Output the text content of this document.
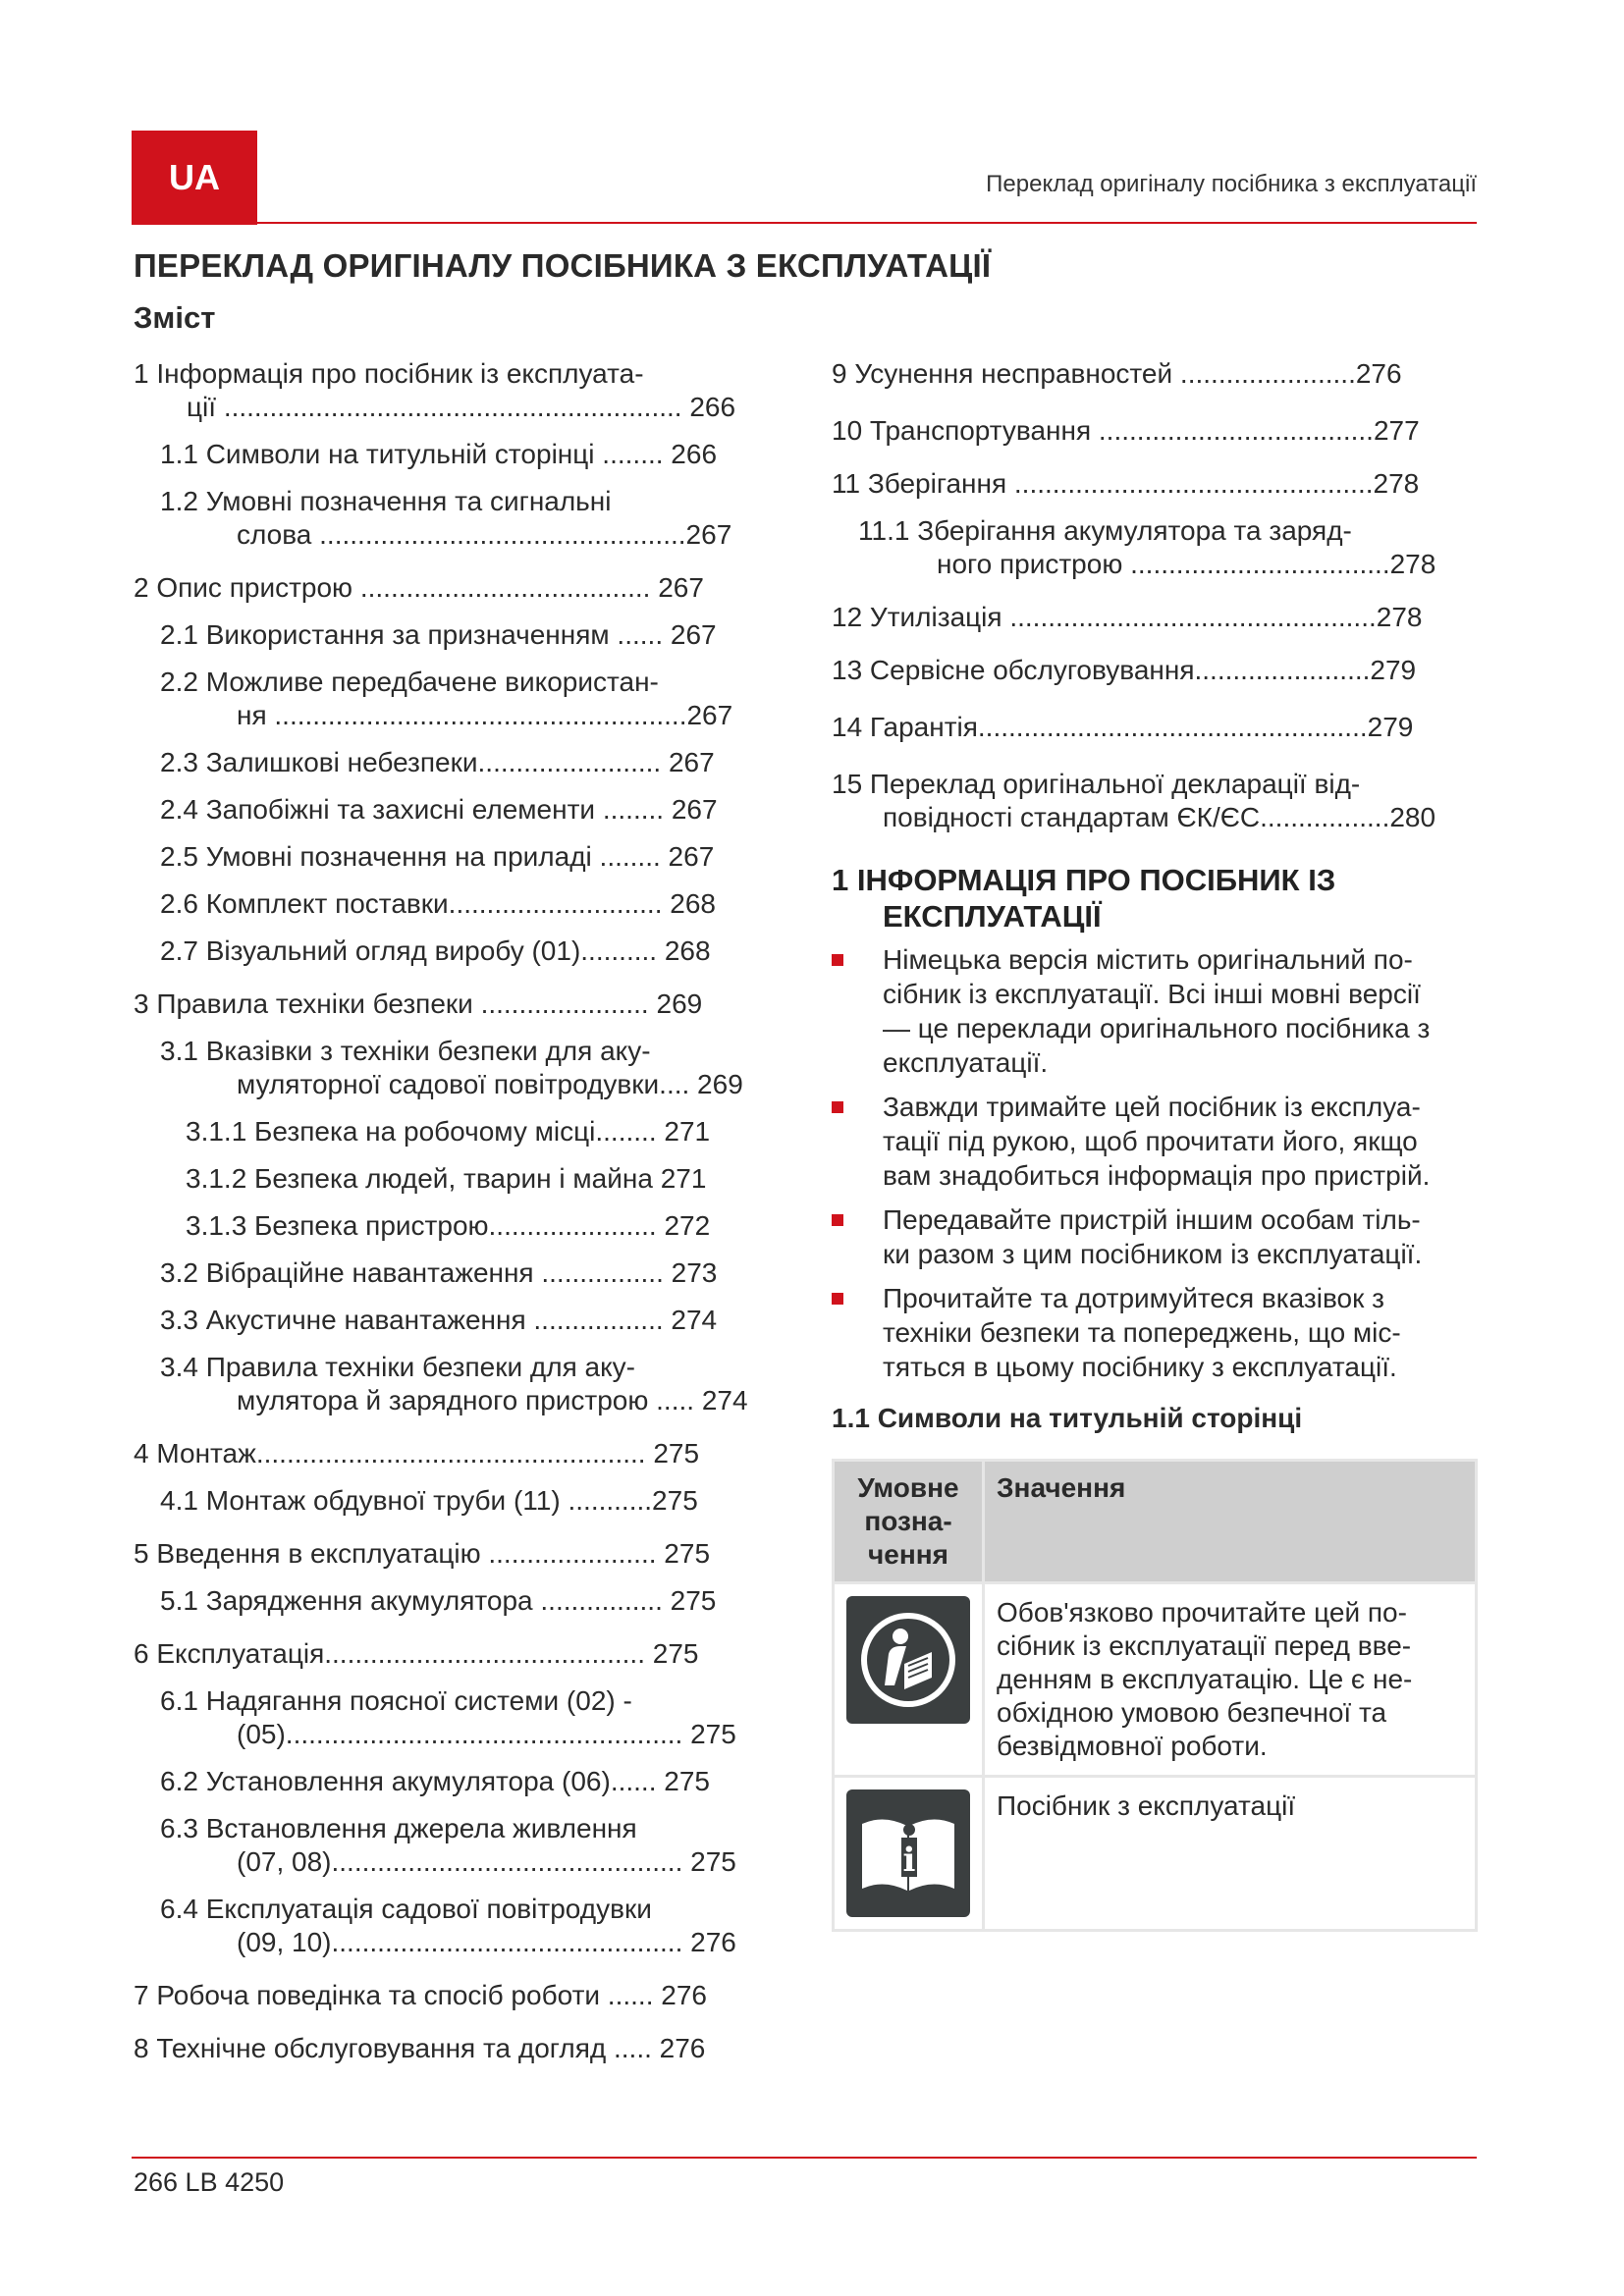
UA	Переклад оригіналу посібника з експлуатації
ПЕРЕКЛАД ОРИГІНАЛУ ПОСІБНИКА З ЕКСПЛУАТАЦІЇ
Зміст
1 Інформація про посібник із експлуата-
ції ............................................................ 266
1.1 Символи на титульній сторінці ........ 266
1.2 Умовні позначення та сигнальні
слова ................................................267
2 Опис пристрою ...................................... 267
2.1 Використання за призначенням ...... 267
2.2 Можливе передбачене використан-
ня ......................................................267
2.3 Залишкові небезпеки........................ 267
2.4 Запобіжні та захисні елементи ........ 267
2.5 Умовні позначення на приладі ........ 267
2.6 Комплект поставки............................ 268
2.7 Візуальний огляд виробу (01).......... 268
3 Правила техніки безпеки ...................... 269
3.1 Вказівки з техніки безпеки для аку-
муляторної садової повітродувки.... 269
3.1.1 Безпека на робочому місці........ 271
3.1.2 Безпека людей, тварин і майна 271
3.1.3 Безпека пристрою...................... 272
3.2 Вібраційне навантаження ................ 273
3.3 Акустичне навантаження ................. 274
3.4 Правила техніки безпеки для аку-
мулятора й зарядного пристрою ..... 274
4 Монтаж................................................... 275
4.1 Монтаж обдувної труби (11) ...........275
5 Введення в експлуатацію ...................... 275
5.1 Зарядження акумулятора ................ 275
6 Експлуатація.......................................... 275
6.1 Надягання поясної системи (02) -
(05).................................................... 275
6.2 Установлення акумулятора (06)...... 275
6.3 Встановлення джерела живлення
(07, 08).............................................. 275
6.4 Експлуатація садової повітродувки
(09, 10).............................................. 276
7 Робоча поведінка та спосіб роботи ...... 276
8 Технічне обслуговування та догляд ..... 276
9 Усунення несправностей .......................276
10 Транспортування ....................................277
11 Зберігання ...............................................278
11.1 Зберігання акумулятора та заряд-
ного пристрою ..................................278
12 Утилізація ................................................278
13 Сервісне обслуговування.......................279
14 Гарантія...................................................279
15 Переклад оригінальної декларації від-
повідності стандартам ЄК/ЄС.................280
1 ІНФОРМАЦІЯ ПРО ПОСІБНИК ІЗ
ЕКСПЛУАТАЦІЇ
Німецька версія містить оригінальний по-
сібник із експлуатації. Всі інші мовні версії
— це переклади оригінального посібника з
експлуатації.
Завжди тримайте цей посібник із експлуа-
тації під рукою, щоб прочитати його, якщо
вам знадобиться інформація про пристрій.
Передавайте пристрій іншим особам тіль-
ки разом з цим посібником із експлуатації.
Прочитайте та дотримуйтеся вказівок з
техніки безпеки та попереджень, що міс-
тяться в цьому посібнику з експлуатації.
1.1 Символи на титульній сторінці
Умовне
позна-
чення	Значення

Обов'язково прочитайте цей по-
сібник із експлуатації перед вве-
денням в експлуатацію. Це є не-
обхідною умовою безпечної та
безвідмовної роботи.

i	Посібник з експлуатації
266 LB 4250
